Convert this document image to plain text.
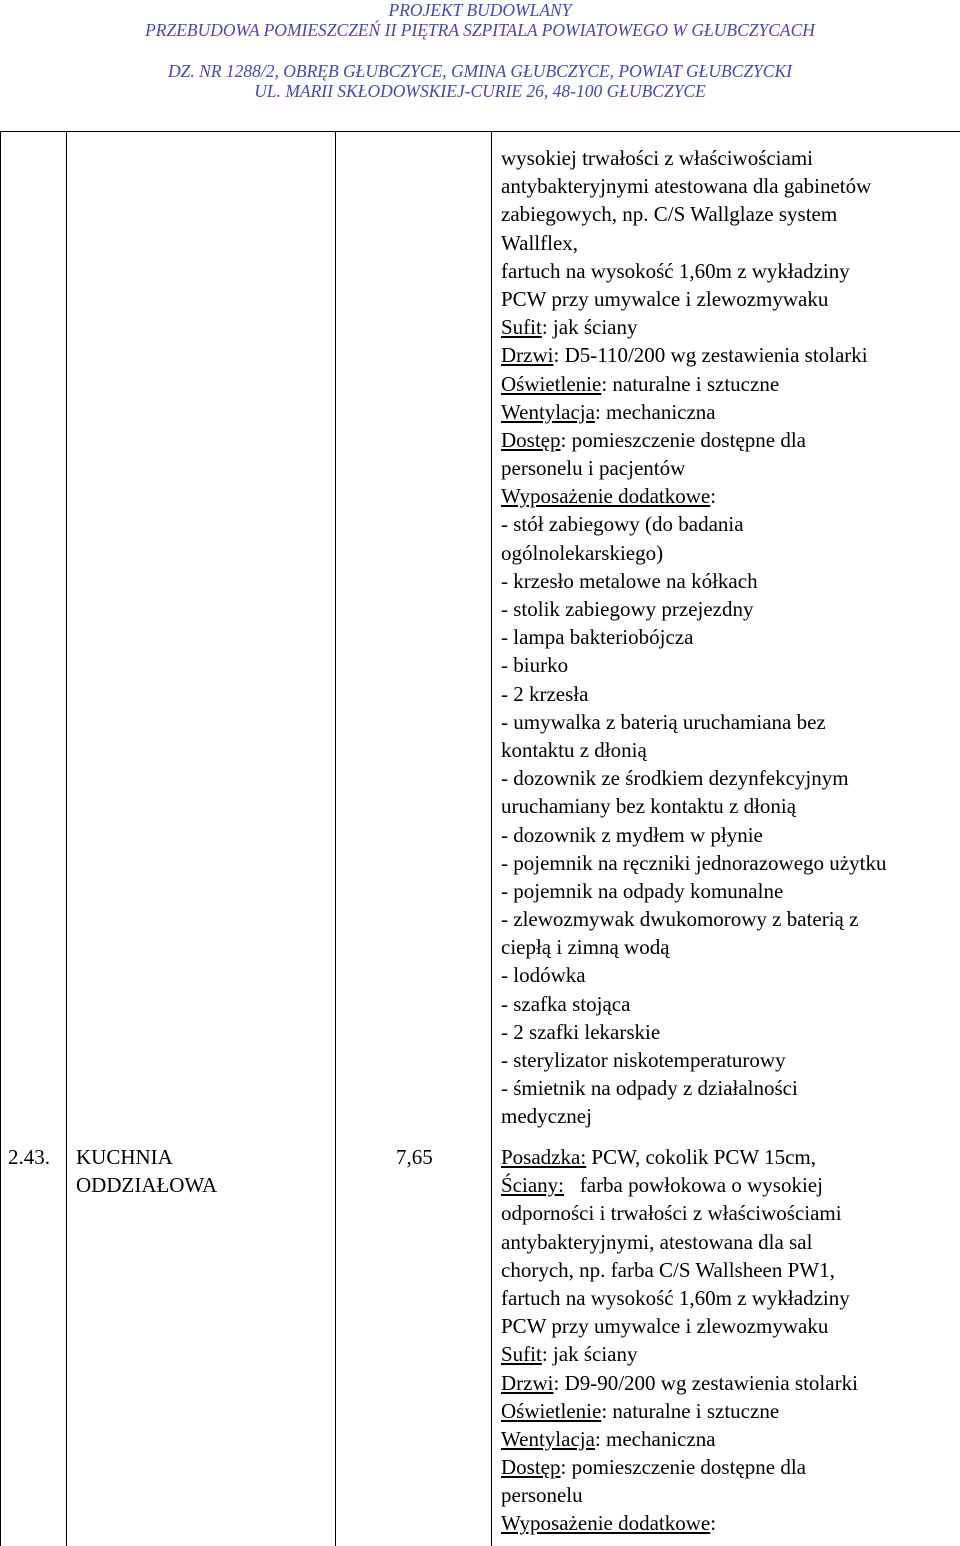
PROJEKT BUDOWLANY
PRZEBUDOWA POMIESZCZEŃ II PIĘTRA SZPITALA POWIATOWEGO W GŁUBCZYCACH
DZ. NR 1288/2, OBRĘB GŁUBCZYCE, GMINA GŁUBCZYCE, POWIAT GŁUBCZYCKI
UL. MARII SKŁODOWSKIEJ-CURIE 26, 48-100 GŁUBCZYCE
wysokiej trwałości z właściwościami
antybakteryjnymi atestowana dla gabinetów
zabiegowych, np. C/S Wallglaze system
Wallflex,
fartuch na wysokość 1,60m z wykładziny
PCW przy umywalce i zlewozmywaku
Sufit: jak ściany
Drzwi: D5-110/200 wg zestawienia stolarki
Oświetlenie: naturalne i sztuczne
Wentylacja: mechaniczna
Dostęp: pomieszczenie dostępne dla
personelu i pacjentów
Wyposażenie dodatkowe:
- stół zabiegowy (do badania
ogólnolekarskiego)
- krzesło metalowe na kółkach
- stolik zabiegowy przejezdny
- lampa bakteriobójcza
- biurko
- 2 krzesła
- umywalka z baterią uruchamiana bez
kontaktu z dłonią
- dozownik ze środkiem dezynfekcyjnym
uruchamiany bez kontaktu z dłonią
- dozownik z mydłem w płynie
- pojemnik na ręczniki jednorazowego użytku
- pojemnik na odpady komunalne
- zlewozmywak dwukomorowy z baterią z
ciepłą i zimną wodą
- lodówka
- szafka stojąca
- 2 szafki lekarskie
- sterylizator niskotemperaturowy
- śmietnik na odpady z działalności
medycznej
2.43. KUCHNIA
ODDZIAŁOWA
7,65	Posadzka: PCW, cokolik PCW 15cm,
Ściany:   farba powłokowa o wysokiej
odporności i trwałości z właściwościami
antybakteryjnymi, atestowana dla sal
chorych, np. farba C/S Wallsheen PW1,
fartuch na wysokość 1,60m z wykładziny
PCW przy umywalce i zlewozmywaku
Sufit: jak ściany
Drzwi: D9-90/200 wg zestawienia stolarki
Oświetlenie: naturalne i sztuczne
Wentylacja: mechaniczna
Dostęp: pomieszczenie dostępne dla
personelu
Wyposażenie dodatkowe:
